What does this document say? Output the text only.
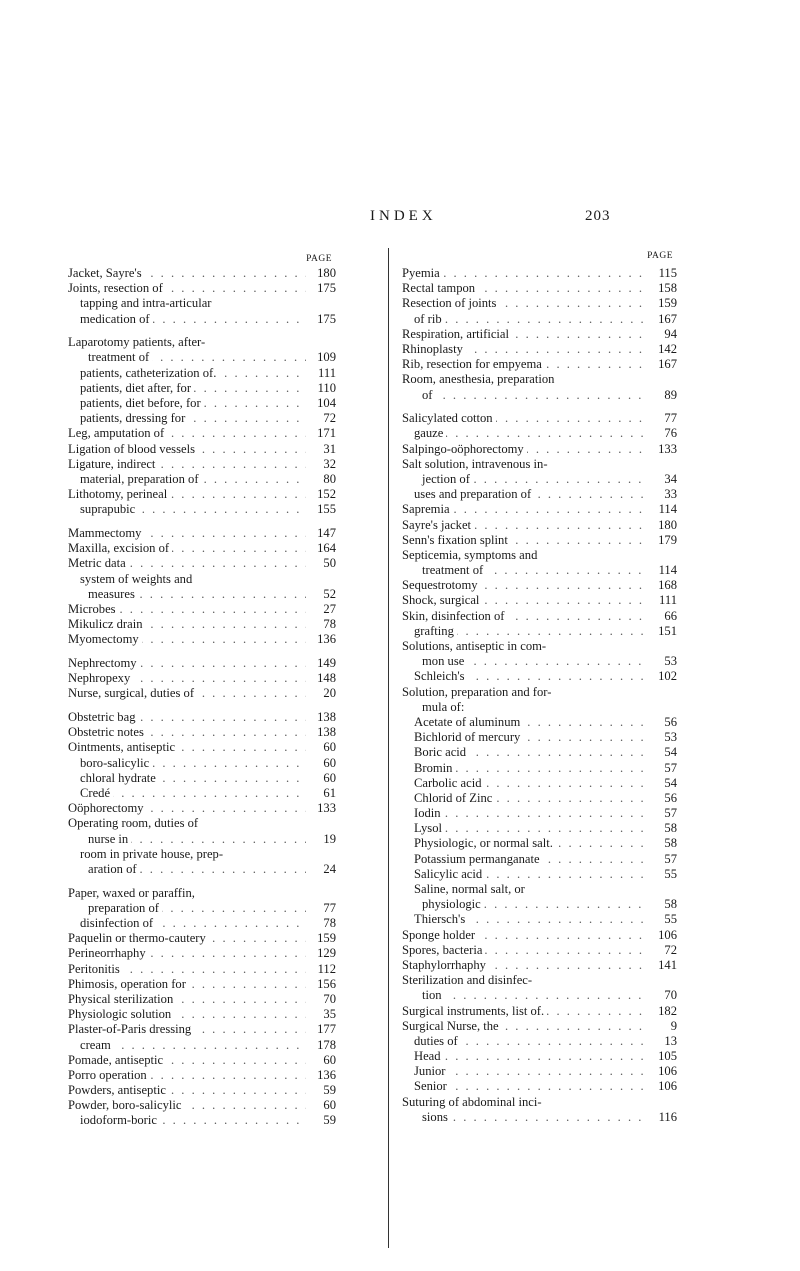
INDEX	203
PAGE
. . .
Jacket, Sayre's	180
. . .
Joints, resection of	175
tapping and intra-articular
. . .
medication of	175
Laparotomy patients, after-
. . .
treatment of	109
. . .
patients, catheterization of.	111
. . .
patients, diet after, for	110
. . .
patients, diet before, for	104
. . .
patients, dressing for	72
. . .
Leg, amputation of	171
. . .
Ligation of blood vessels	31
. . .
Ligature, indirect	32
. . .
material, preparation of	80
. . .
Lithotomy, perineal	152
. . .
suprapubic	155
. . .
Mammectomy	147
. . .
Maxilla, excision of	164
. . .
Metric data	50
system of weights and
. . .
measures	52
. . .
Microbes	27
. . .
Mikulicz drain	78
. . .
Myomectomy	136
. . .
Nephrectomy	149
. . .
Nephropexy	148
. . .
Nurse, surgical, duties of	20
. . .
Obstetric bag	138
. . .
Obstetric notes	138
. . .
Ointments, antiseptic	60
. . .
boro-salicylic	60
. . .
chloral hydrate	60
. . .
Credé	61
. . .
Oöphorectomy	133
Operating room, duties of
. . .
nurse in	19
room in private house, prep-
. . .
aration of	24
Paper, waxed or paraffin,
. . .
preparation of	77
. . .
disinfection of	78
. . .
Paquelin or thermo-cautery	159
. . .
Perineorrhaphy	129
. . .
Peritonitis	112
. . .
Phimosis, operation for	156
. . .
Physical sterilization	70
. . .
Physiologic solution	35
. . .
Plaster-of-Paris dressing	177
. . .
cream	178
. . .
Pomade, antiseptic	60
. . .
Porro operation	136
. . .
Powders, antiseptic	59
. . .
Powder, boro-salicylic	60
. . .
iodoform-boric	59
PAGE
. . .
Pyemia	115
. . .
Rectal tampon	158
. . .
Resection of joints	159
. . .
of rib	167
. . .
Respiration, artificial	94
. . .
Rhinoplasty	142
. . .
Rib, resection for empyema	167
Room, anesthesia, preparation
. . .
of	89
. . .
Salicylated cotton	77
. . .
gauze	76
. . .
Salpingo-oöphorectomy	133
Salt solution, intravenous in-
. . .
jection of	34
. . .
uses and preparation of	33
. . .
Sapremia	114
. . .
Sayre's jacket	180
. . .
Senn's fixation splint	179
Septicemia, symptoms and
. . .
treatment of	114
. . .
Sequestrotomy	168
. . .
Shock, surgical	111
. . .
Skin, disinfection of	66
. . .
grafting	151
Solutions, antiseptic in com-
. . .
mon use	53
. . .
Schleich's	102
Solution, preparation and for-
mula of:
. . .
Acetate of aluminum	56
. . .
Bichlorid of mercury	53
. . .
Boric acid	54
. . .
Bromin	57
. . .
Carbolic acid	54
. . .
Chlorid of Zinc	56
. . .
Iodin	57
. . .
Lysol	58
. . .
Physiologic, or normal salt.	58
. . .
Potassium permanganate	57
. . .
Salicylic acid	55
Saline, normal salt, or
. . .
physiologic	58
. . .
Thiersch's	55
. . .
Sponge holder	106
. . .
Spores, bacteria	72
. . .
Staphylorrhaphy	141
Sterilization and disinfec-
. . .
tion	70
. . .
Surgical instruments, list of.	182
. . .
Surgical Nurse, the	9
. . .
duties of	13
. . .
Head	105
. . .
Junior	106
. . .
Senior	106
Suturing of abdominal inci-
. . .
sions	116
